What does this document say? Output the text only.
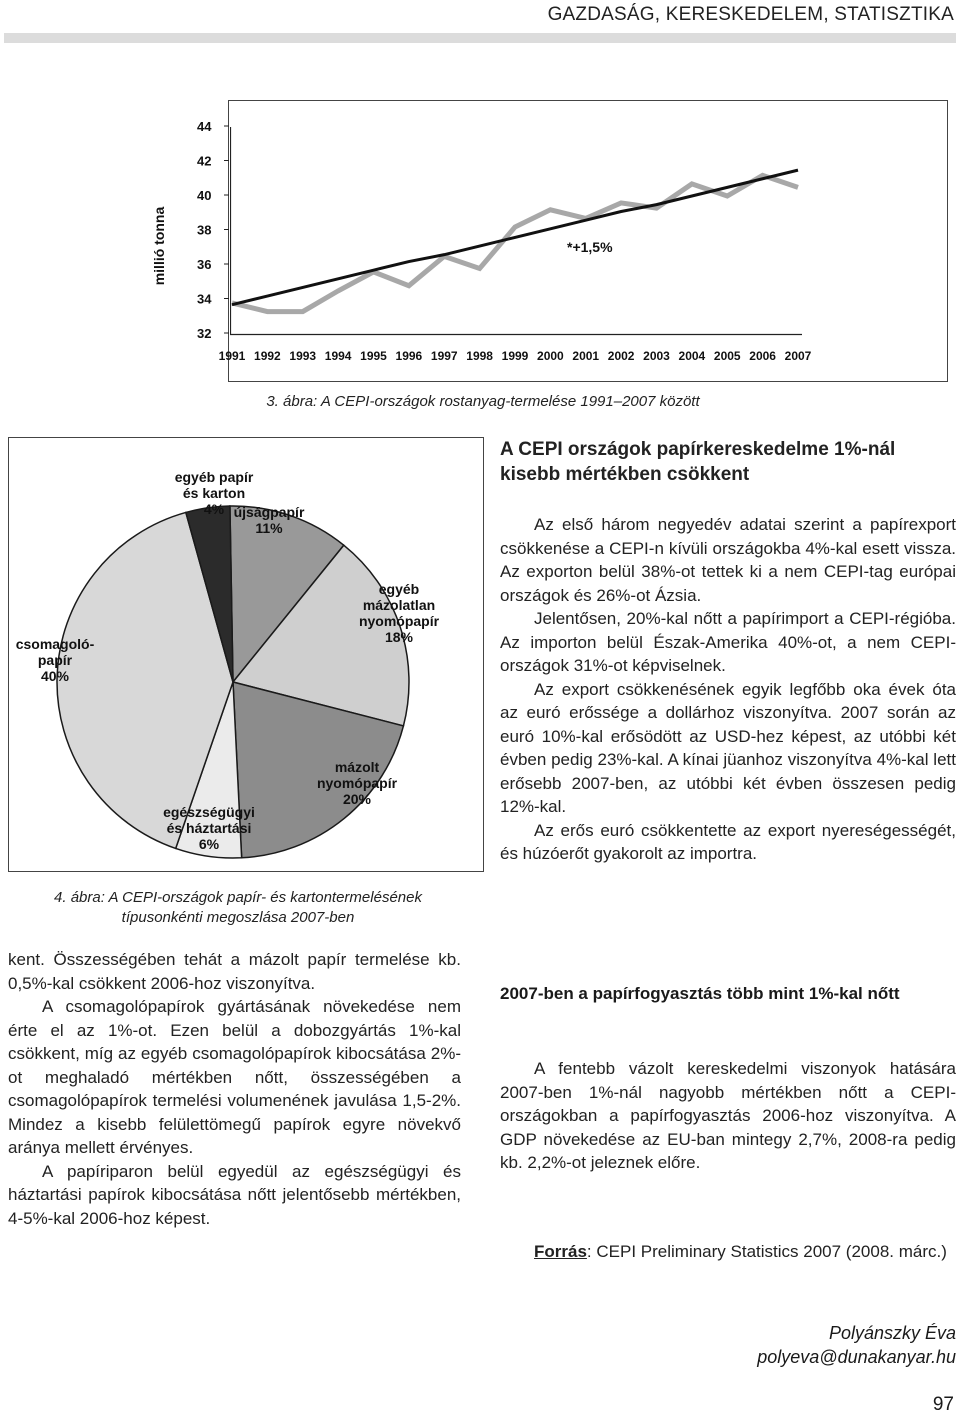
GAZDASÁG, KERESKEDELEM, STATISZTIKA
*+1,5%
3. ábra: A CEPI-országok rostanyag-termelése 1991–2007 között
újságpapír 11%
egyéb mázolatlan nyomópapír 18%
mázolt nyomópapír 20%
egészségügyi és háztartási 6%
csomagoló-papír 40%
egyéb papír és karton 4%
4. ábra: A CEPI-országok papír- és kartontermelésének
típusonkénti megoszlása 2007-ben

kent. Összességében tehát a mázolt papír termelése kb. 0,5%-kal csökkent 2006-hoz viszonyítva.

A csomagolópapírok gyártásának növekedése nem érte el az 1%-ot. Ezen belül a dobozgyártás 1%-kal csökkent, míg az egyéb csomagolópapírok kibocsátása 2%-ot meghaladó mértékben nőtt, összességében a csomagolópapírok termelési volumenének javulása 1,5-2%. Mindez a kisebb felülettömegű papírok egyre növekvő aránya mellett érvényes.

A papíriparon belül egyedül az egészségügyi és háztartási papírok kibocsátása nőtt jelentősebb mértékben, 4-5%-kal 2006-hoz képest.

A CEPI országok papírkereskedelme 1%-nál kisebb mértékben csökkent

Az első három negyedév adatai szerint a papírexport csökkenése a CEPI-n kívüli országokba 4%-kal esett vissza. Az exporton belül 38%-ot tettek ki a nem CEPI-tag európai országok és 26%-ot Ázsia.

Jelentősen, 20%-kal nőtt a papírimport a CEPI-régióba. Az importon belül Észak-Amerika 40%-ot, a nem CEPI-országok 31%-ot képviselnek.

Az export csökkenésének egyik legfőbb oka évek óta az euró erőssége a dollárhoz viszonyítva. 2007 során az euró 10%-kal erősödött az USD-hez képest, az utóbbi két évben pedig 23%-kal. A kínai jüanhoz viszonyítva 4%-kal lett erősebb 2007-ben, az utóbbi két évben összesen pedig 12%-kal.

Az erős euró csökkentette az export nyereségességét, és húzóerőt gyakorolt az importra.

2007-ben a papírfogyasztás több mint 1%-kal nőtt

A fentebb vázolt kereskedelmi viszonyok hatására 2007-ben 1%-nál nagyobb mértékben nőtt a CEPI-országokban a papírfogyasztás 2006-hoz viszonyítva. A GDP növekedése az EU-ban mintegy 2,7%, 2008-ra pedig kb. 2,2%-ot jeleznek előre.

Forrás: CEPI Preliminary Statistics 2007 (2008. márc.)

Polyánszky Éva
polyeva@dunakanyar.hu
97
32
34
36
38
40
42
44
1991 1992 1993 1994 1995 1996 1997 1998 1999 2000 2001 2002 2003 2004 2005 2006 2007
millió tonna
